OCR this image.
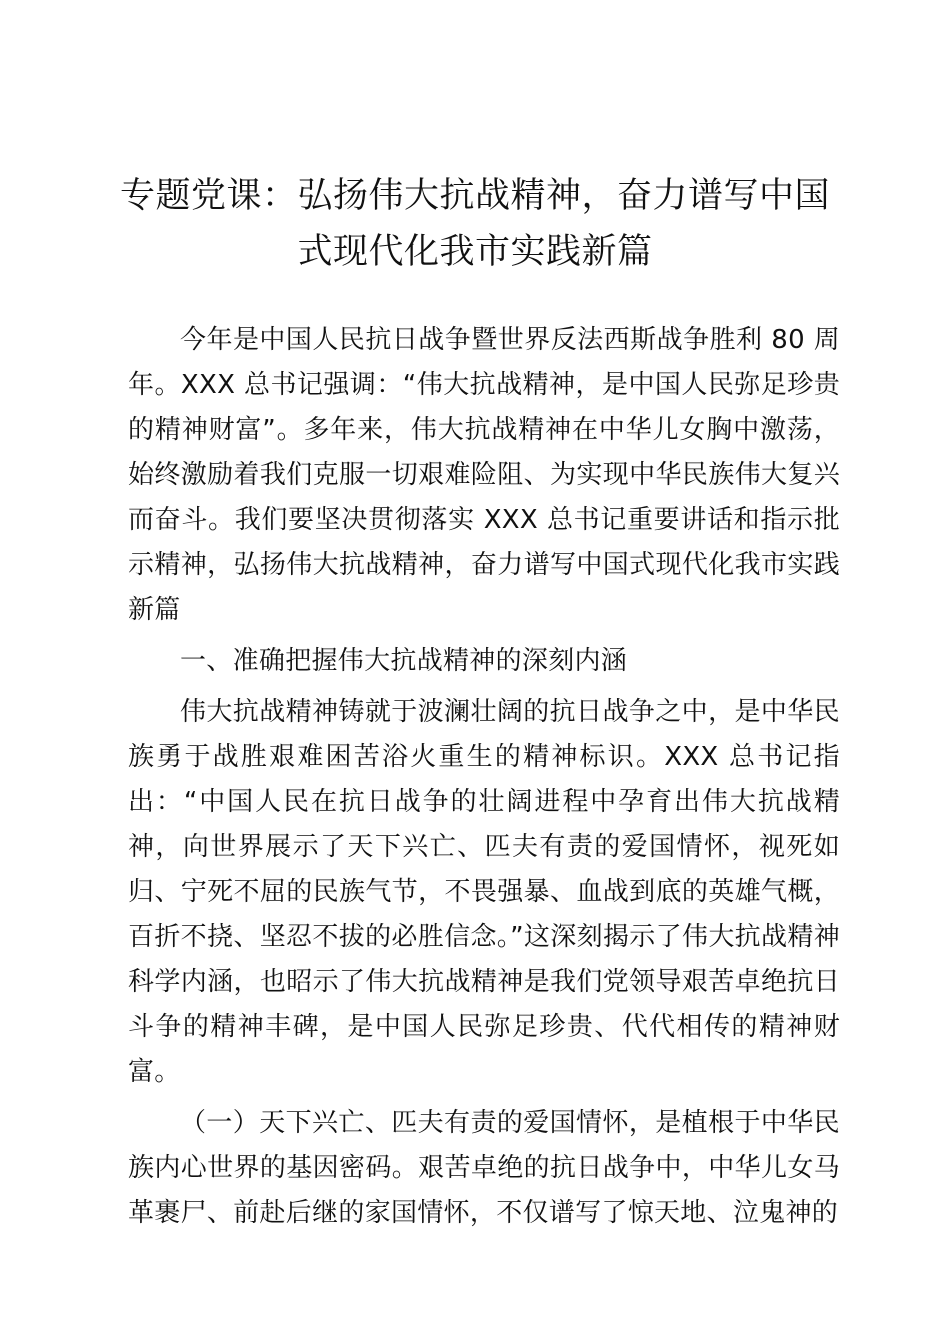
专题党课：弘扬伟大抗战精神，奋力谱写中国
式现代化我市实践新篇

今年是中国人民抗日战争暨世界反法西斯战争胜利 80 周年。XXX 总书记强调：“伟大抗战精神，是中国人民弥足珍贵的精神财富”。多年来，伟大抗战精神在中华儿女胸中激荡，始终激励着我们克服一切艰难险阻、为实现中华民族伟大复兴而奋斗。我们要坚决贯彻落实 XXX 总书记重要讲话和指示批示精神，弘扬伟大抗战精神，奋力谱写中国式现代化我市实践新篇

一、准确把握伟大抗战精神的深刻内涵

伟大抗战精神铸就于波澜壮阔的抗日战争之中，是中华民族勇于战胜艰难困苦浴火重生的精神标识。XXX 总书记指出：“中国人民在抗日战争的壮阔进程中孕育出伟大抗战精神，向世界展示了天下兴亡、匹夫有责的爱国情怀，视死如归、宁死不屈的民族气节，不畏强暴、血战到底的英雄气概，百折不挠、坚忍不拔的必胜信念。”这深刻揭示了伟大抗战精神科学内涵，也昭示了伟大抗战精神是我们党领导艰苦卓绝抗日斗争的精神丰碑，是中国人民弥足珍贵、代代相传的精神财富。

（一）天下兴亡、匹夫有责的爱国情怀，是植根于中华民族内心世界的基因密码。艰苦卓绝的抗日战争中，中华儿女马革裹尸、前赴后继的家国情怀，不仅谱写了惊天地、泣鬼神的
